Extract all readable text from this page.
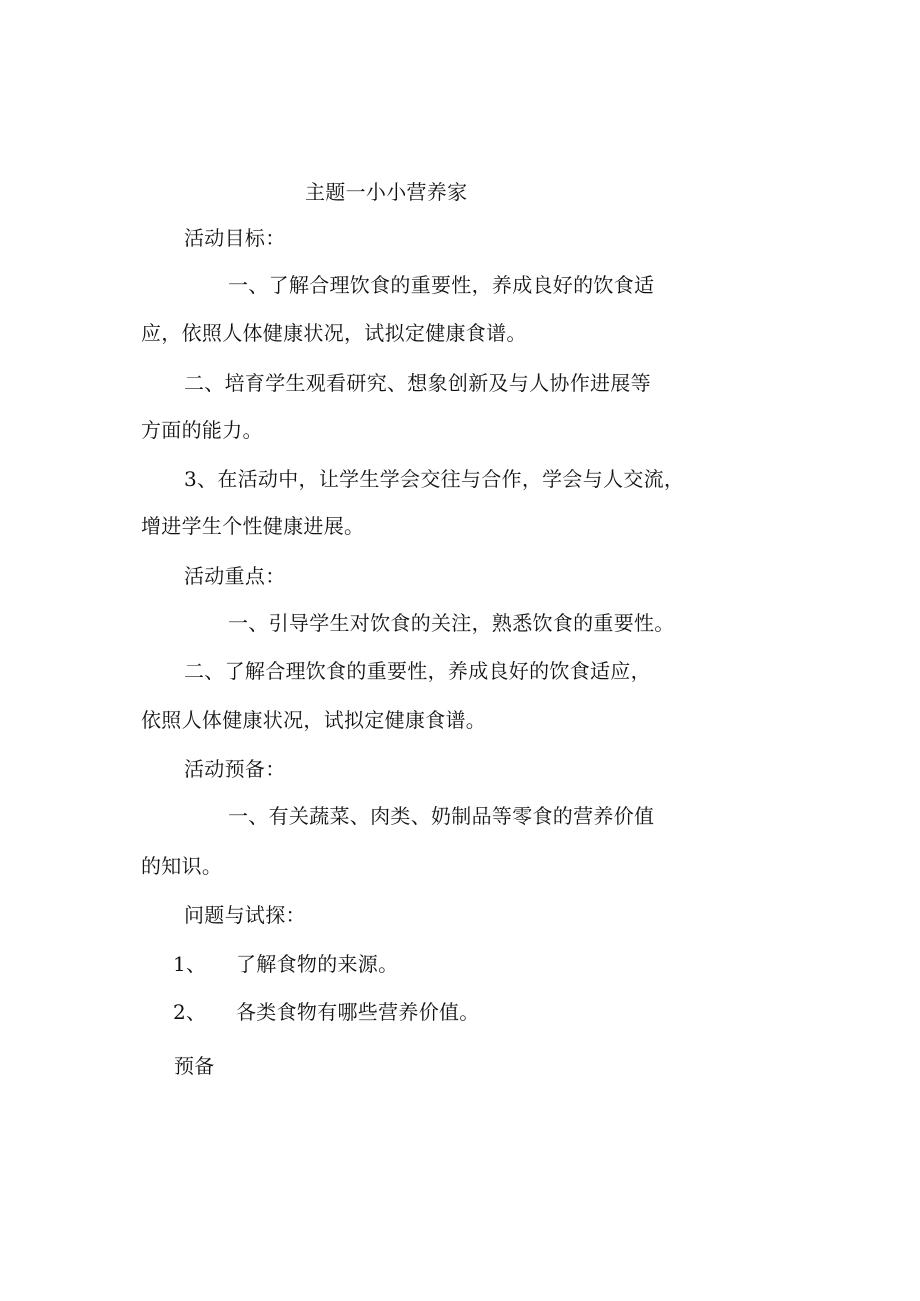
主题一小小营养家
活动目标：
一、了解合理饮食的重要性，养成良好的饮食适
应，依照人体健康状况，试拟定健康食谱。
二、培育学生观看研究、想象创新及与人协作进展等
方面的能力。
3、在活动中，让学生学会交往与合作，学会与人交流，
增进学生个性健康进展。
活动重点：
一、引导学生对饮食的关注，熟悉饮食的重要性。
二、了解合理饮食的重要性，养成良好的饮食适应，
依照人体健康状况，试拟定健康食谱。
活动预备：
一、有关蔬菜、肉类、奶制品等零食的营养价值
的知识。
问题与试探：
1、 了解食物的来源。
2、 各类食物有哪些营养价值。
预备
